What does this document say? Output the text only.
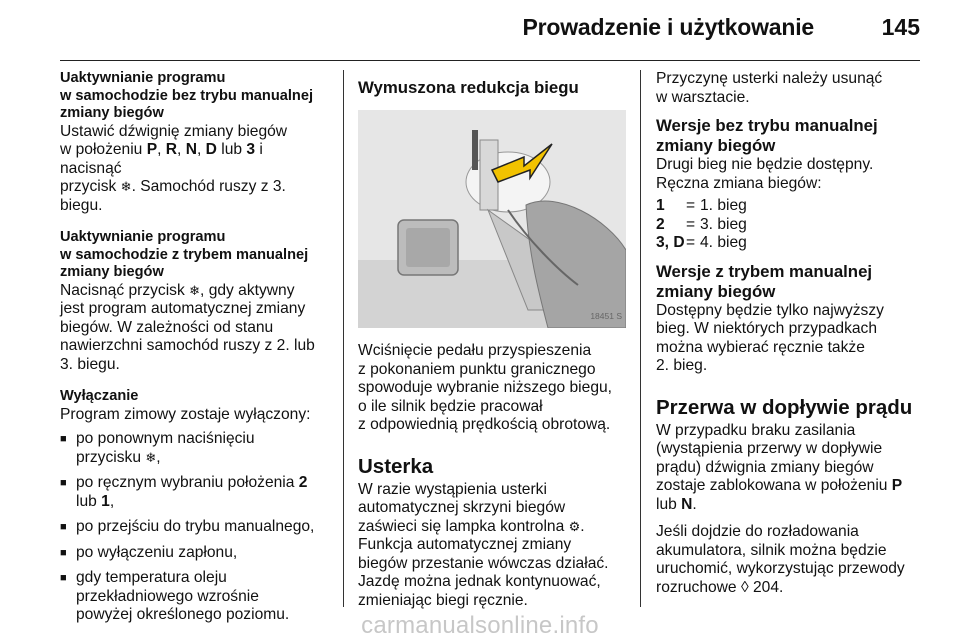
Prowadzenie i użytkowanie	145
Uaktywnianie programu
w samochodzie bez trybu manualnej
zmiany biegów

Ustawić dźwignię zmiany biegów
w położeniu P, R, N, D lub 3 i nacisnąć
przycisk ❄. Samochód ruszy z 3.
biegu.

Uaktywnianie programu
w samochodzie z trybem manualnej
zmiany biegów

Nacisnąć przycisk ❄, gdy aktywny
jest program automatycznej zmiany
biegów. W zależności od stanu
nawierzchni samochód ruszy z 2. lub
3. biegu.

Wyłączanie

Program zimowy zostaje wyłączony:

■ po ponownym naciśnięciu
przycisku ❄,
■ po ręcznym wybraniu położenia 2
lub 1,
■ po przejściu do trybu manualnego,
■ po wyłączeniu zapłonu,
■ gdy temperatura oleju
przekładniowego wzrośnie
powyżej określonego poziomu.
Wymuszona redukcja biegu
18451 S

Wciśnięcie pedału przyspieszenia
z pokonaniem punktu granicznego
spowoduje wybranie niższego biegu,
o ile silnik będzie pracował
z odpowiednią prędkością obrotową.

Usterka

W razie wystąpienia usterki
automatycznej skrzyni biegów
zaświeci się lampka kontrolna ⚙.
Funkcja automatycznej zmiany
biegów przestanie wówczas działać.
Jazdę można jednak kontynuować,
zmieniając biegi ręcznie.

Przyczynę usterki należy usunąć
w warsztacie.

Wersje bez trybu manualnej
zmiany biegów

Drugi bieg nie będzie dostępny.
Ręczna zmiana biegów:

1	=	1. bieg
2	=	3. bieg
3, D	=	4. bieg
Wersje z trybem manualnej
zmiany biegów

Dostępny będzie tylko najwyższy
bieg. W niektórych przypadkach
można wybierać ręcznie także
2. bieg.

Przerwa w dopływie prądu

W przypadku braku zasilania
(wystąpienia przerwy w dopływie
prądu) dźwignia zmiany biegów
zostaje zablokowana w położeniu P
lub N.

Jeśli dojdzie do rozładowania
akumulatora, silnik można będzie
uruchomić, wykorzystując przewody
rozruchowe ◊ 204.

carmanualsonline.info
